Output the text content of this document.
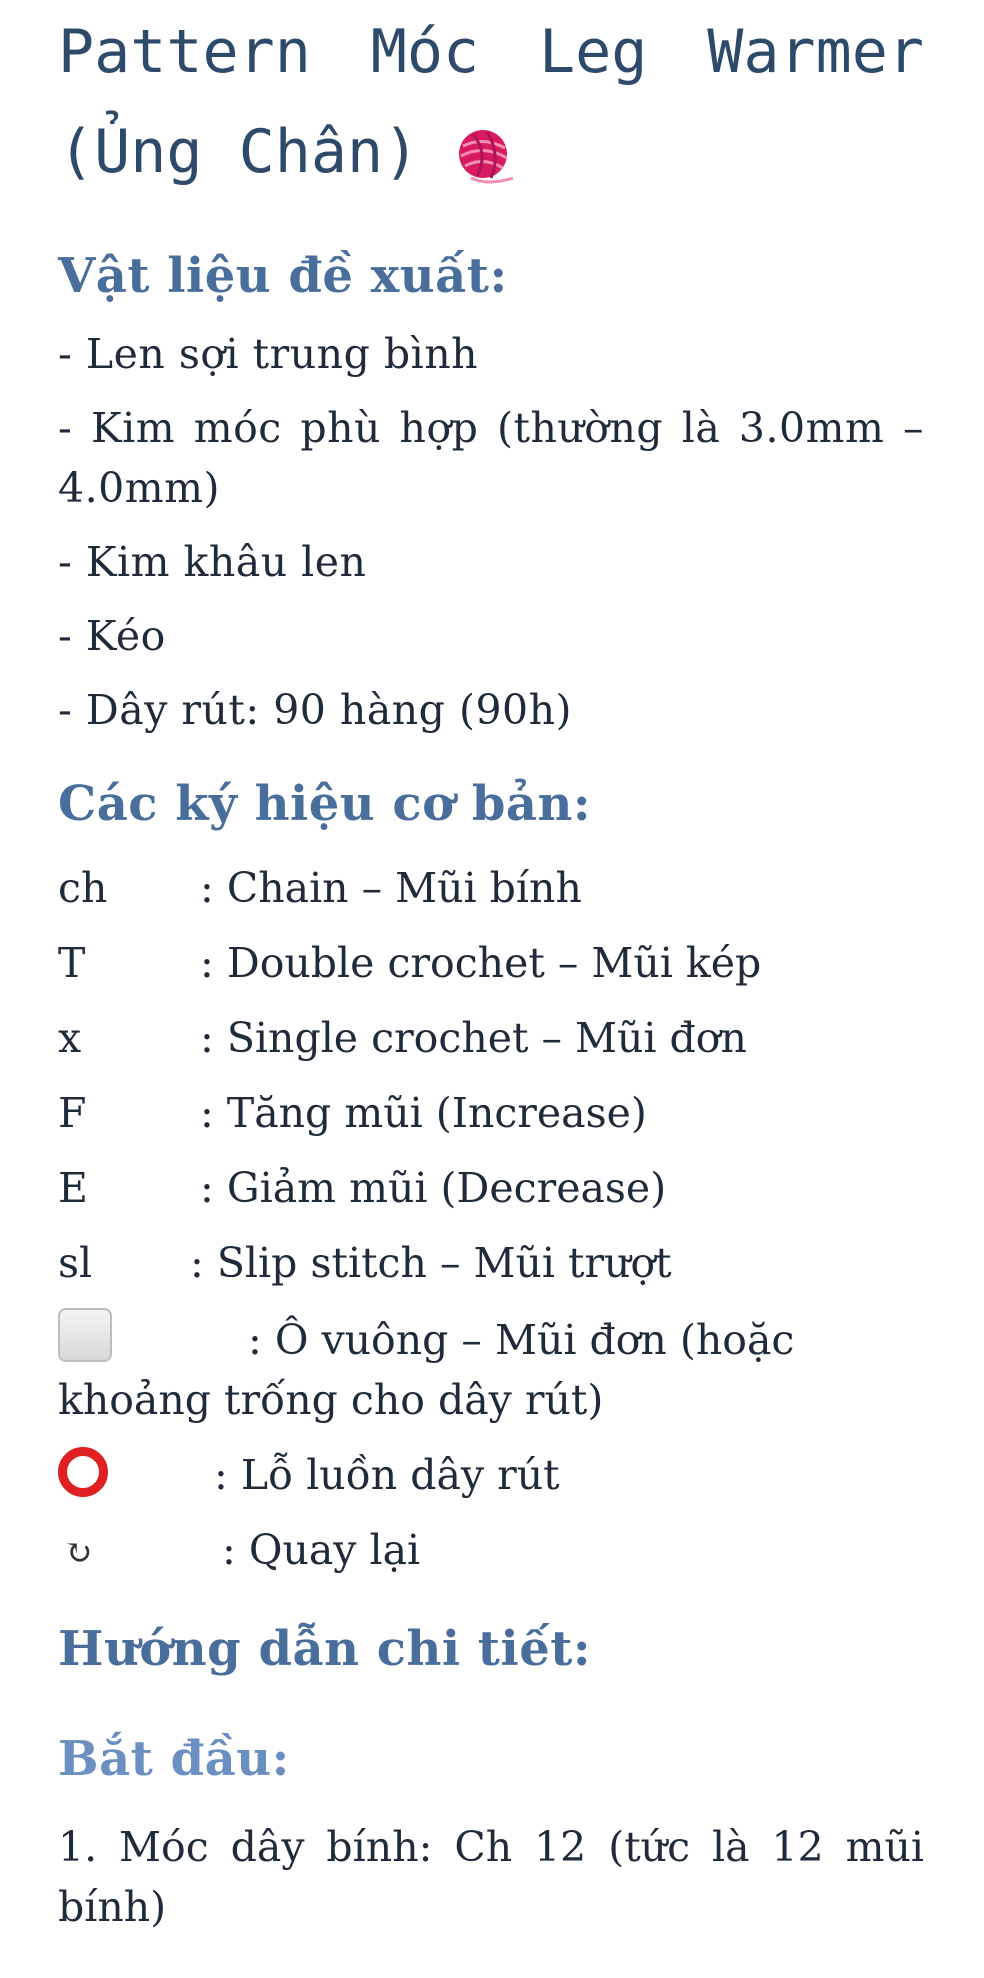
Pattern Móc Leg Warmer
(Ủng Chân)
Vật liệu đề xuất:

- Len sợi trung bình

- Kim móc phù hợp (thường là 3.0mm – 4.0mm)

- Kim khâu len

- Kéo

- Dây rút: 90 hàng (90h)

Các ký hiệu cơ bản:
ch	: Chain – Mũi bính
T	: Double crochet – Mũi kép
x	: Single crochet – Mũi đơn
F	: Tăng mũi (Increase)
E	: Giảm mũi (Decrease)
sl	: Slip stitch – Mũi trượt
: Ô vuông – Mũi đơn (hoặc khoảng trống cho dây rút)
: Lỗ luồn dây rút
↻	: Quay lại
Hướng dẫn chi tiết:
Bắt đầu:

1. Móc dây bính: Ch 12 (tức là 12 mũi bính)
